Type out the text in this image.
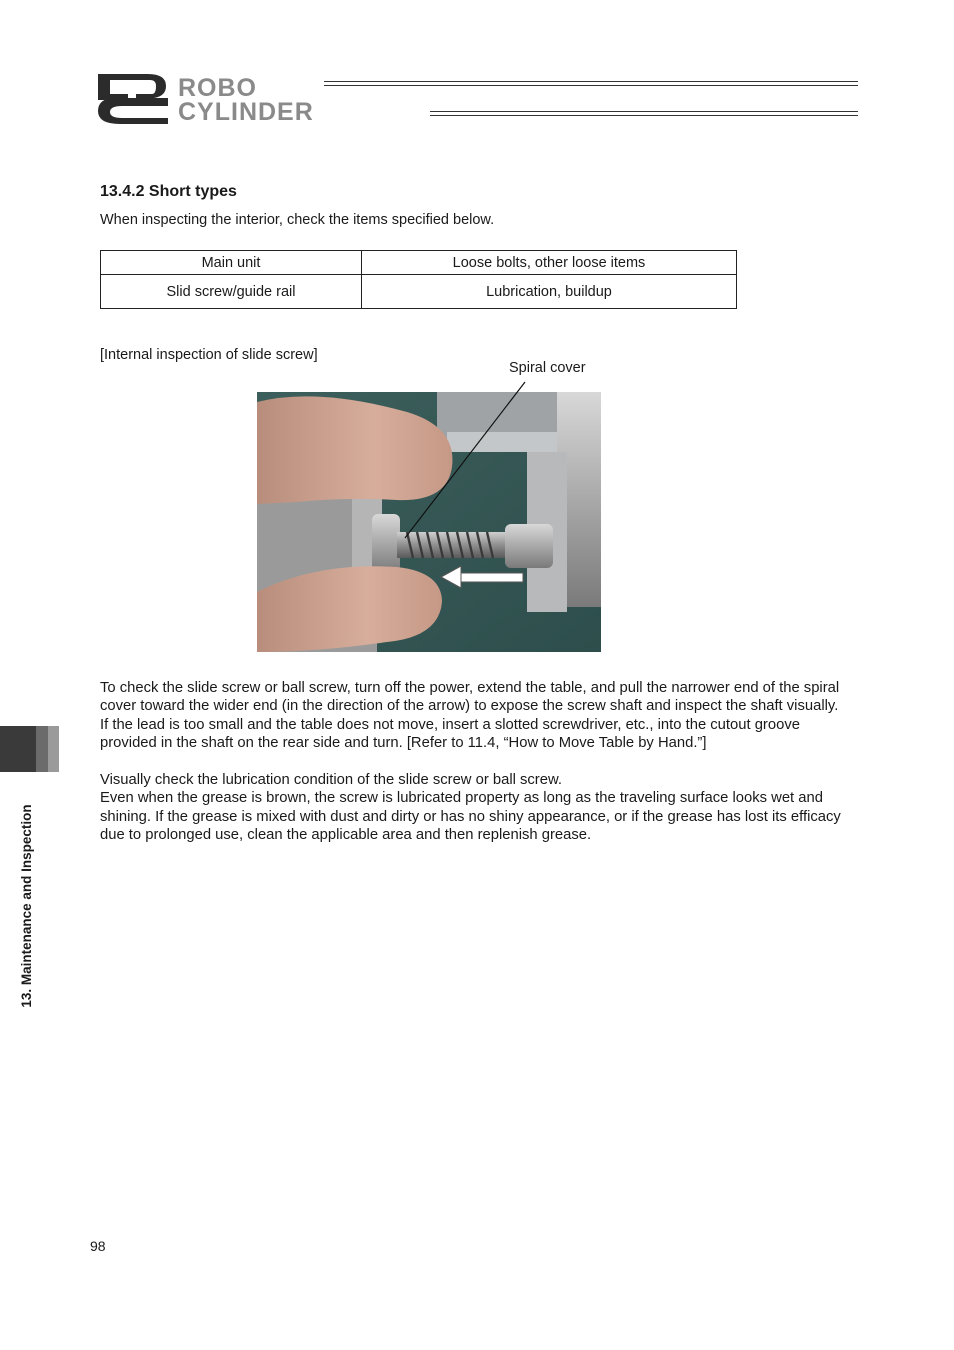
ROBO
CYLINDER
13.4.2 Short types
When inspecting the interior, check the items specified below.
Main unit	Loose bolts, other loose items
Slid screw/guide rail	Lubrication, buildup
[Internal inspection of slide screw]
Spiral cover

To check the slide screw or ball screw, turn off the power, extend the table, and pull the narrower end of the spiral cover toward the wider end (in the direction of the arrow) to expose the screw shaft and inspect the shaft visually.

If the lead is too small and the table does not move, insert a slotted screwdriver, etc., into the cutout groove provided in the shaft on the rear side and turn. [Refer to 11.4, “How to Move Table by Hand.”]

Visually check the lubrication condition of the slide screw or ball screw.

Even when the grease is brown, the screw is lubricated property as long as the traveling surface looks wet and shining. If the grease is mixed with dust and dirty or has no shiny appearance, or if the grease has lost its efficacy due to prolonged use, clean the applicable area and then replenish grease.

13. Maintenance and Inspection
98
